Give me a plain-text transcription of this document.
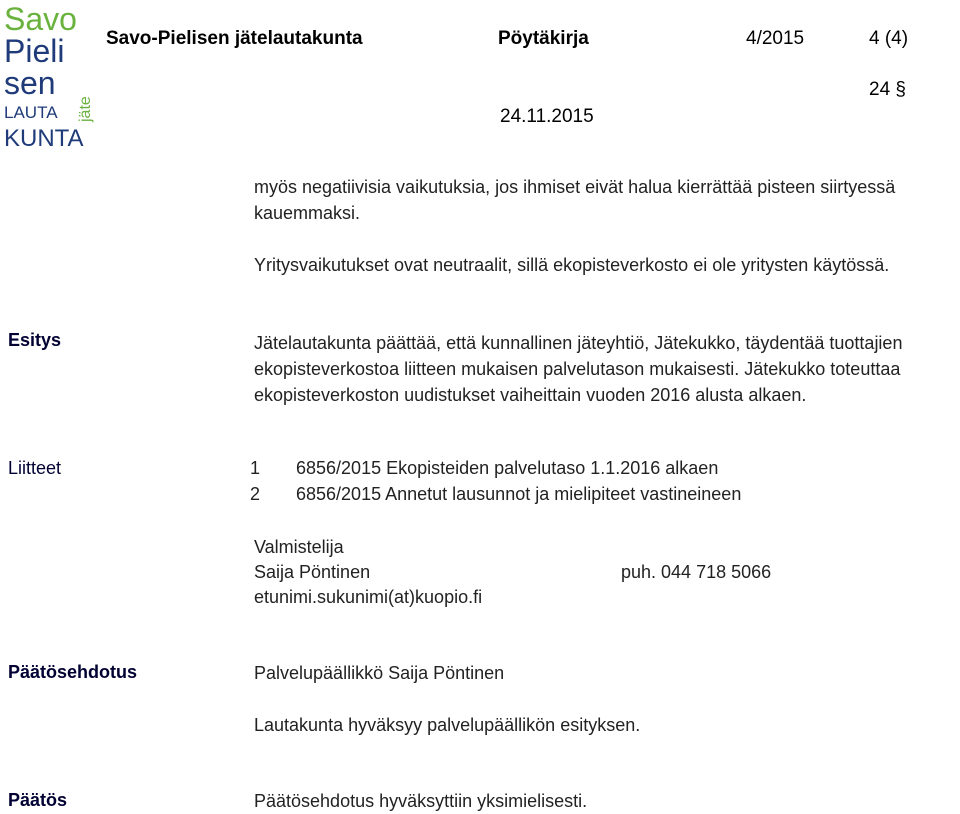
Savo
Pieli
sen
LAUTA
KUNTA
jäte
Savo-Pielisen jätelautakunta	Pöytäkirja	4/2015	4 (4)
24 §
24.11.2015
myös negatiivisia vaikutuksia, jos ihmiset eivät halua kierrättää pisteen siirtyessä
kauemmaksi.
Yritysvaikutukset ovat neutraalit, sillä ekopisteverkosto ei ole yritysten käytössä.
Esitys	Jätelautakunta päättää, että kunnallinen jäteyhtiö, Jätekukko, täydentää tuottajien
ekopisteverkostoa liitteen mukaisen palvelutason mukaisesti. Jätekukko toteuttaa
ekopisteverkoston uudistukset vaiheittain vuoden 2016 alusta alkaen.
Liitteet	1 6856/2015 Ekopisteiden palvelutaso 1.1.2016 alkaen
2 6856/2015 Annetut lausunnot ja mielipiteet vastineineen
Valmistelija
Saija Pöntinen	puh. 044 718 5066
etunimi.sukunimi(at)kuopio.fi
Päätösehdotus	Palvelupäällikkö Saija Pöntinen
Lautakunta hyväksyy palvelupäällikön esityksen.
Päätös	Päätösehdotus hyväksyttiin yksimielisesti.
